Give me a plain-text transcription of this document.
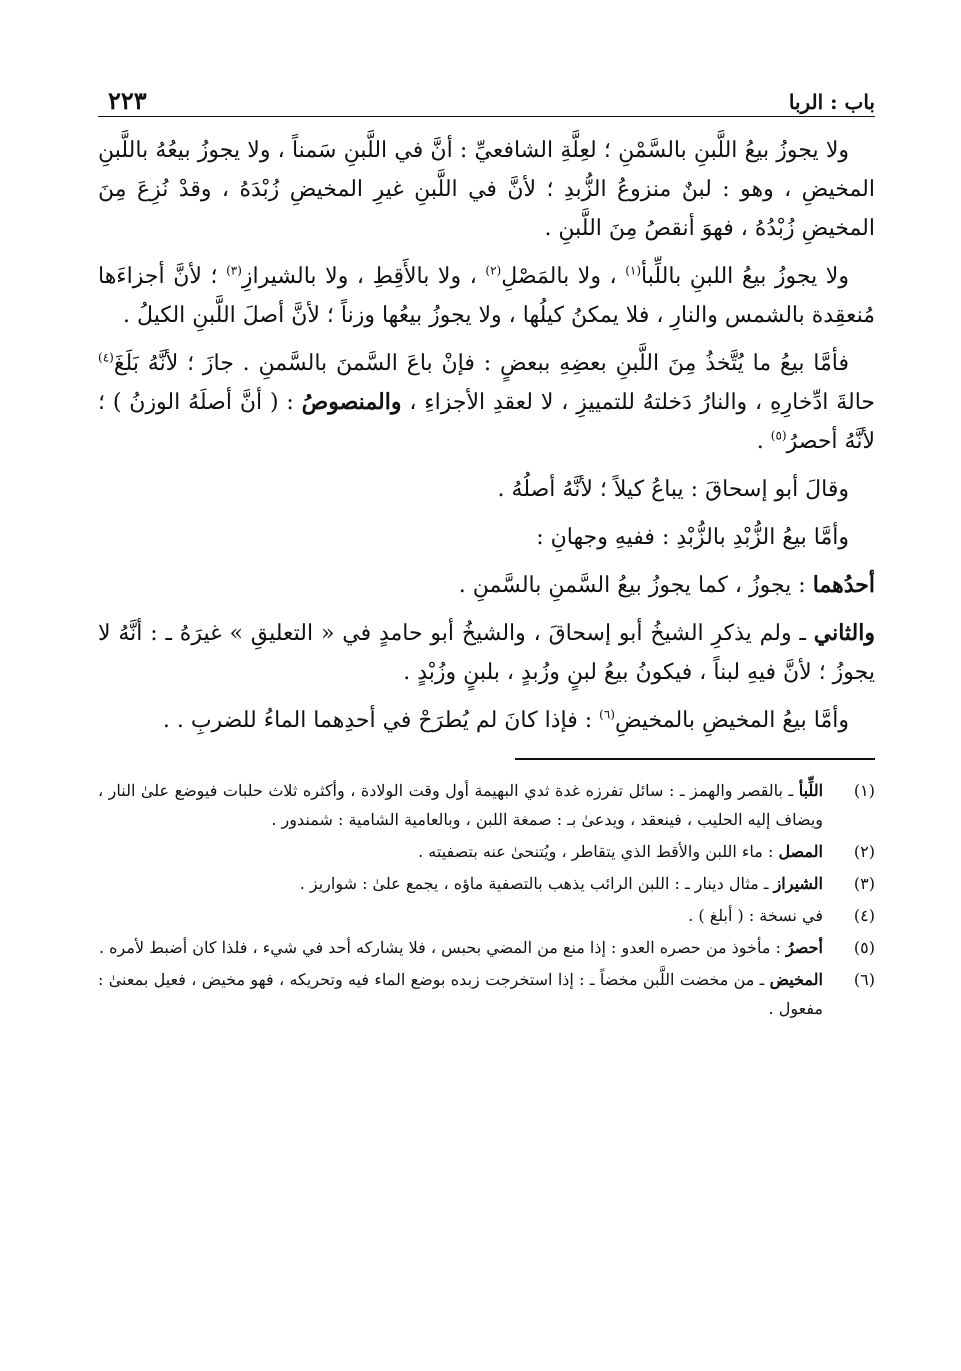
باب : الربا
٢٢٣

ولا يجوزُ بيعُ اللَّبنِ بالسَّمْنِ ؛ لعِلَّةِ الشافعيِّ : أنَّ في اللَّبنِ سَمناً ، ولا يجوزُ بيعُهُ باللَّبنِ المخيضِ ، وهو : لبنٌ منزوعُ الزُّبدِ ؛ لأنَّ في اللَّبنِ غيرِ المخيضِ زُبْدَهُ ، وقدْ نُزِعَ مِنَ المخيضِ زُبْدُهُ ، فهوَ أنقصُ مِنَ اللَّبنِ .

ولا يجوزُ بيعُ اللبنِ باللِّبأ$^{(١)}$ ، ولا بالمَصْلِ$^{(٢)}$ ، ولا بالأَقِطِ ، ولا بالشيرازِ$^{(٣)}$ ؛ لأنَّ أجزاءَها مُنعقِدة بالشمس والنارِ ، فلا يمكنُ كيلُها ، ولا يجوزُ بيعُها وزناً ؛ لأنَّ أصلَ اللَّبنِ الكيلُ .

فأمَّا بيعُ ما يُتَّخذُ مِنَ اللَّبنِ بعضِهِ ببعضٍ : فإنْ باعَ السَّمنَ بالسَّمنِ . جازَ ؛ لأنَّهُ بَلَغَ$^{(٤)}$ حالةَ ادِّخارِهِ ، والنارُ دَخلتهُ للتمييزِ ، لا لعقدِ الأجزاءِ ، والمنصوصُ : ( أنَّ أصلَهُ الوزنُ ) ؛ لأنَّهُ أحصرُ$^{(٥)}$ .

وقالَ أبو إسحاقَ : يباعُ كيلاً ؛ لأنَّهُ أصلُهُ .

وأمَّا بيعُ الزُّبْدِ بالزُّبْدِ : ففيهِ وجهانِ :

أحدُهما : يجوزُ ، كما يجوزُ بيعُ السَّمنِ بالسَّمنِ .

والثاني ـ ولم يذكرِ الشيخُ أبو إسحاقَ ، والشيخُ أبو حامدٍ في « التعليقِ » غيرَهُ ـ : أنَّهُ لا يجوزُ ؛ لأنَّ فيهِ لبناً ، فيكونُ بيعُ لبنٍ وزُبدٍ ، بلبنٍ وزُبْدٍ .

وأمَّا بيعُ المخيضِ بالمخيضِ$^{(٦)}$ : فإذا كانَ لم يُطرَحْ في أحدِهما الماءُ للضربِ . .

(١)
اللِّبأ ـ بالقصر والهمز ـ : سائل تفرزه غدة ثدي البهيمة أول وقت الولادة ، وأكثره ثلاث حلبات فيوضع علىٰ النار ، ويضاف إليه الحليب ، فينعقد ، ويدعىٰ بـ : صمغة اللبن ، وبالعامية الشامية : شمندور .
(٢)
المصل : ماء اللبن والأقط الذي يتقاطر ، ويُتنحىٰ عنه بتصفيته .
(٣)
الشيراز ـ مثال دينار ـ : اللبن الرائب يذهب بالتصفية ماؤه ، يجمع علىٰ : شواريز .
(٤)
في نسخة : ( أبلغ ) .
(٥)
أحصرُ : مأخوذ من حصره العدو : إذا منع من المضي بحبس ، فلا يشاركه أحد في شيء ، فلذا كان أضبط لأمره .
(٦)
المخيض ـ من مخضت اللَّبن مخضاً ـ : إذا استخرجت زبده بوضع الماء فيه وتحريكه ، فهو مخيض ، فعيل بمعنىٰ : مفعول .
